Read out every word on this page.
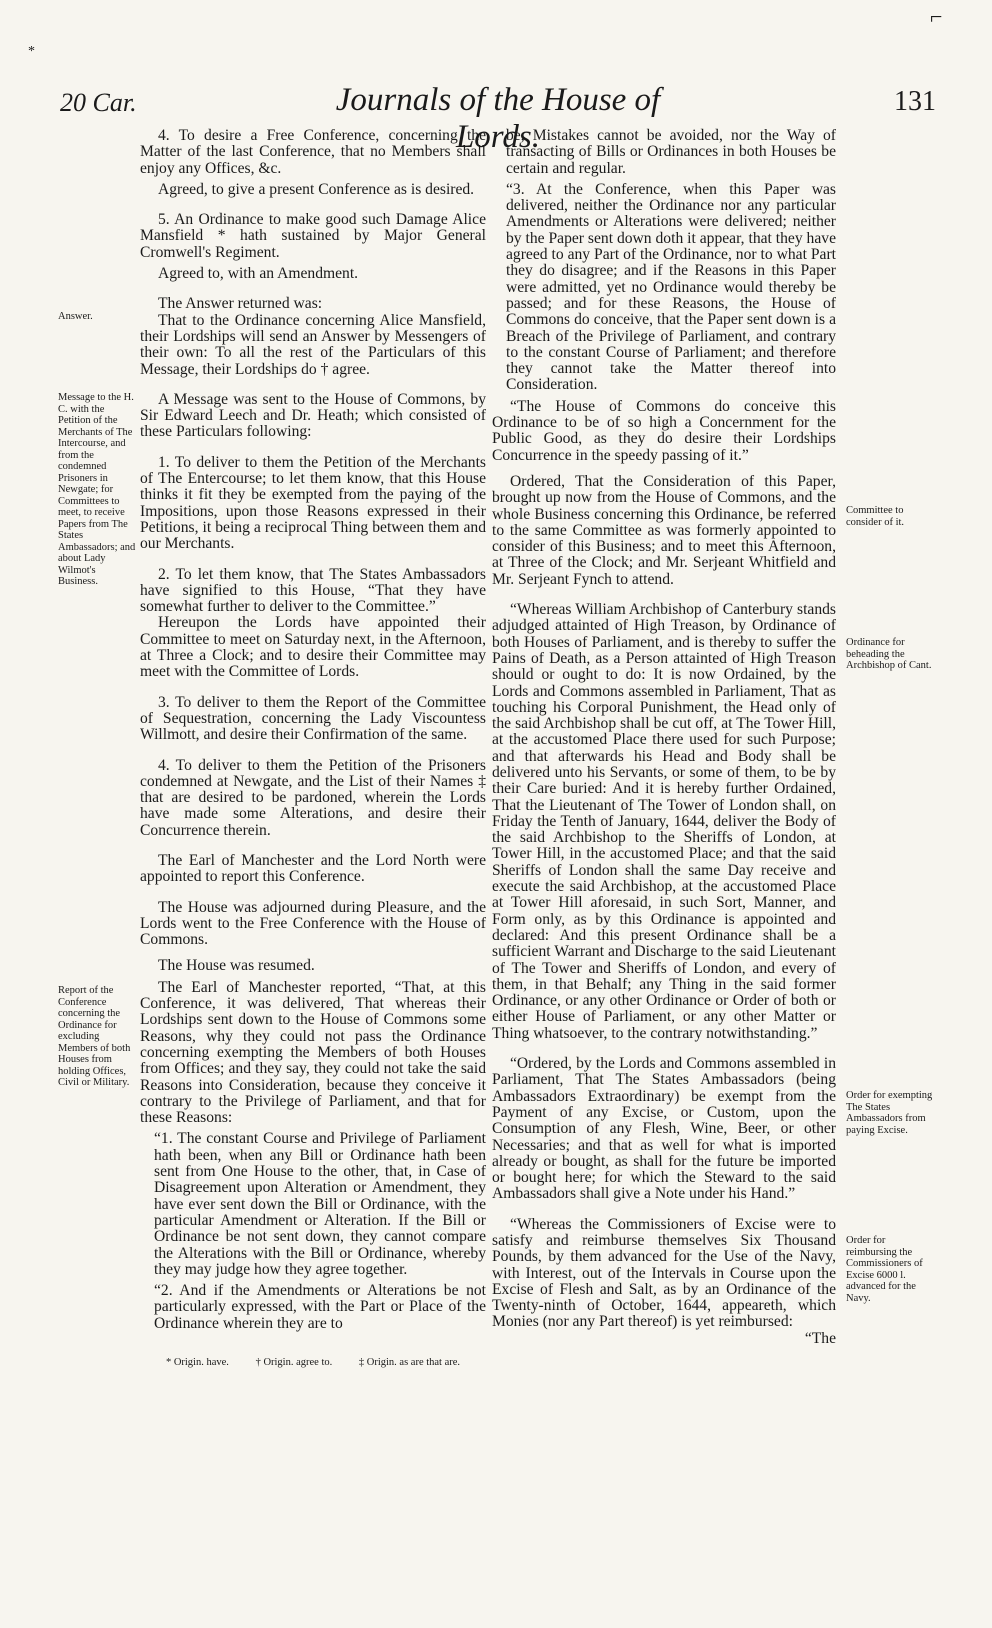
*
⌐
20 Car.	Journals of the House of Lords.
131
Answer.
Message to the H. C. with the Petition of the Merchants of The Intercourse, and from the condemned Prisoners in Newgate; for Committees to meet, to receive Papers from The States Ambassadors; and about Lady Wilmot's Business.
Report of the Conference concerning the Ordinance for excluding Members of both Houses from holding Offices, Civil or Military.
Committee to consider of it.
Ordinance for beheading the Archbishop of Cant.
Order for exempting The States Ambassadors from paying Excise.
Order for reimbursing the Commissioners of Excise 6000 l. advanced for the Navy.

4. To desire a Free Conference, concerning the Matter of the last Conference, that no Members shall enjoy any Offices, &c.

Agreed, to give a present Conference as is desired.

5. An Ordinance to make good such Damage Alice Mansfield * hath sustained by Major General Cromwell's Regiment.

Agreed to, with an Amendment.

The Answer returned was:

That to the Ordinance concerning Alice Mansfield, their Lordships will send an Answer by Messengers of their own: To all the rest of the Particulars of this Message, their Lordships do † agree.

A Message was sent to the House of Commons, by Sir Edward Leech and Dr. Heath; which consisted of these Particulars following:

1. To deliver to them the Petition of the Merchants of The Entercourse; to let them know, that this House thinks it fit they be exempted from the paying of the Impositions, upon those Reasons expressed in their Petitions, it being a reciprocal Thing between them and our Merchants.

2. To let them know, that The States Ambassadors have signified to this House, “That they have somewhat further to deliver to the Committee.”

Hereupon the Lords have appointed their Committee to meet on Saturday next, in the Afternoon, at Three a Clock; and to desire their Committee may meet with the Committee of Lords.

3. To deliver to them the Report of the Committee of Sequestration, concerning the Lady Viscountess Willmott, and desire their Confirmation of the same.

4. To deliver to them the Petition of the Prisoners condemned at Newgate, and the List of their Names ‡ that are desired to be pardoned, wherein the Lords have made some Alterations, and desire their Concurrence therein.

The Earl of Manchester and the Lord North were appointed to report this Conference.

The House was adjourned during Pleasure, and the Lords went to the Free Conference with the House of Commons.

The House was resumed.

The Earl of Manchester reported, “That, at this Conference, it was delivered, That whereas their Lordships sent down to the House of Commons some Reasons, why they could not pass the Ordinance concerning exempting the Members of both Houses from Offices; and they say, they could not take the said Reasons into Consideration, because they conceive it contrary to the Privilege of Parliament, and that for these Reasons:

“1. The constant Course and Privilege of Parliament hath been, when any Bill or Ordinance hath been sent from One House to the other, that, in Case of Disagreement upon Alteration or Amendment, they have ever sent down the Bill or Ordinance, with the particular Amendment or Alteration. If the Bill or Ordinance be not sent down, they cannot compare the Alterations with the Bill or Ordinance, whereby they may judge how they agree together.

“2. And if the Amendments or Alterations be not particularly expressed, with the Part or Place of the Ordinance wherein they are to

be, Mistakes cannot be avoided, nor the Way of transacting of Bills or Ordinances in both Houses be certain and regular.

“3. At the Conference, when this Paper was delivered, neither the Ordinance nor any particular Amendments or Alterations were delivered; neither by the Paper sent down doth it appear, that they have agreed to any Part of the Ordinance, nor to what Part they do disagree; and if the Reasons in this Paper were admitted, yet no Ordinance would thereby be passed; and for these Reasons, the House of Commons do conceive, that the Paper sent down is a Breach of the Privilege of Parliament, and contrary to the constant Course of Parliament; and therefore they cannot take the Matter thereof into Consideration.

“The House of Commons do conceive this Ordinance to be of so high a Concernment for the Public Good, as they do desire their Lordships Concurrence in the speedy passing of it.”

Ordered, That the Consideration of this Paper, brought up now from the House of Commons, and the whole Business concerning this Ordinance, be referred to the same Committee as was formerly appointed to consider of this Business; and to meet this Afternoon, at Three of the Clock; and Mr. Serjeant Whitfield and Mr. Serjeant Fynch to attend.

“Whereas William Archbishop of Canterbury stands adjudged attainted of High Treason, by Ordinance of both Houses of Parliament, and is thereby to suffer the Pains of Death, as a Person attainted of High Treason should or ought to do: It is now Ordained, by the Lords and Commons assembled in Parliament, That as touching his Corporal Punishment, the Head only of the said Archbishop shall be cut off, at The Tower Hill, at the accustomed Place there used for such Purpose; and that afterwards his Head and Body shall be delivered unto his Servants, or some of them, to be by their Care buried: And it is hereby further Ordained, That the Lieutenant of The Tower of London shall, on Friday the Tenth of January, 1644, deliver the Body of the said Archbishop to the Sheriffs of London, at Tower Hill, in the accustomed Place; and that the said Sheriffs of London shall the same Day receive and execute the said Archbishop, at the accustomed Place at Tower Hill aforesaid, in such Sort, Manner, and Form only, as by this Ordinance is appointed and declared: And this present Ordinance shall be a sufficient Warrant and Discharge to the said Lieutenant of The Tower and Sheriffs of London, and every of them, in that Behalf; any Thing in the said former Ordinance, or any other Ordinance or Order of both or either House of Parliament, or any other Matter or Thing whatsoever, to the contrary notwithstanding.”

“Ordered, by the Lords and Commons assembled in Parliament, That The States Ambassadors (being Ambassadors Extraordinary) be exempt from the Payment of any Excise, or Custom, upon the Consumption of any Flesh, Wine, Beer, or other Necessaries; and that as well for what is imported already or bought, as shall for the future be imported or bought here; for which the Steward to the said Ambassadors shall give a Note under his Hand.”

“Whereas the Commissioners of Excise were to satisfy and reimburse themselves Six Thousand Pounds, by them advanced for the Use of the Navy, with Interest, out of the Intervals in Course upon the Excise of Flesh and Salt, as by an Ordinance of the Twenty-ninth of October, 1644, appeareth, which Monies (nor any Part thereof) is yet reimbursed:

“The

* Origin. have.	† Origin. agree to.	‡ Origin. as are that are.
